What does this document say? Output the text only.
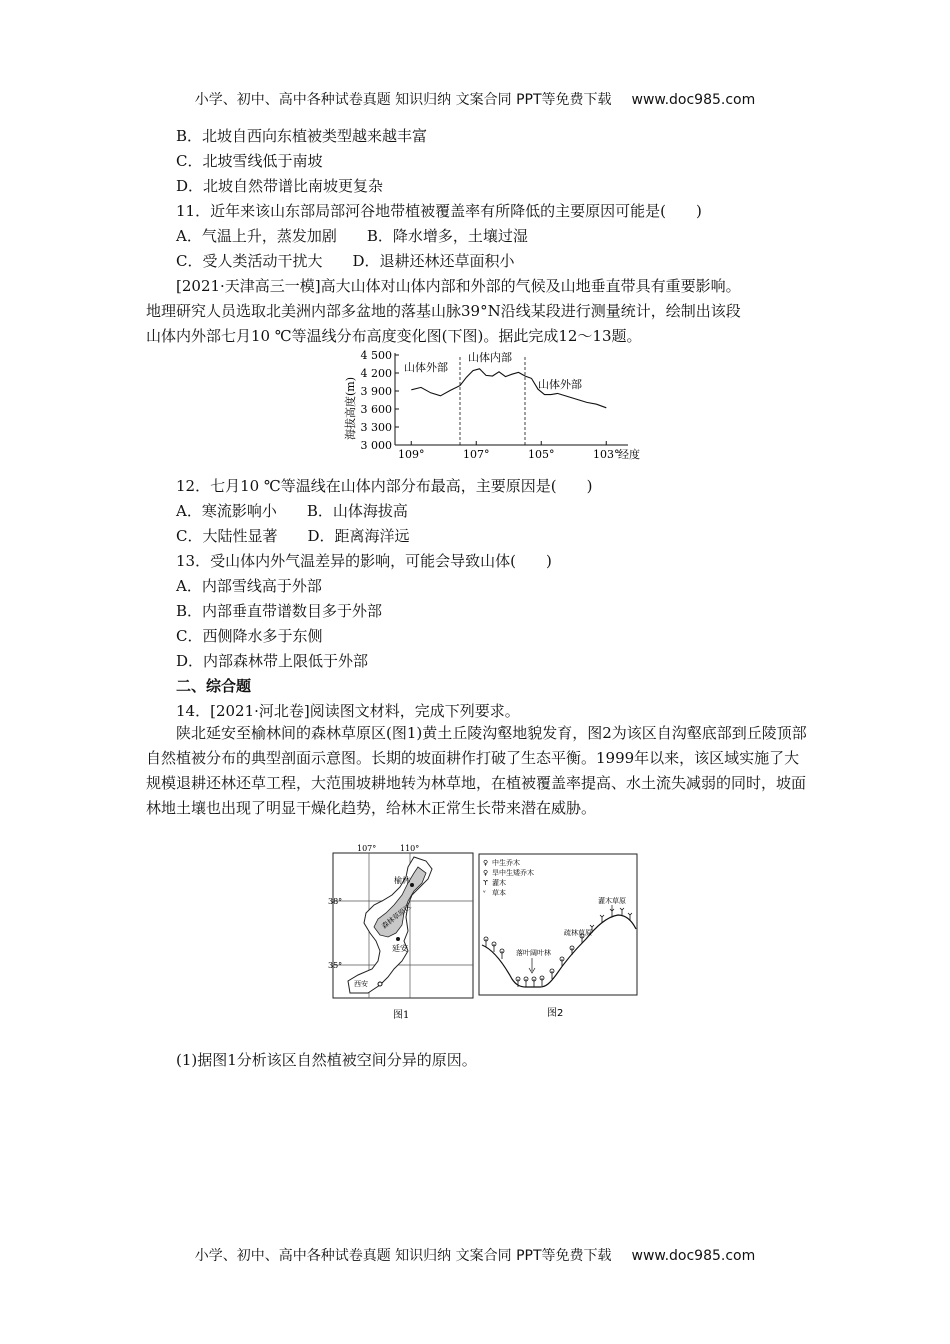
小学、初中、高中各种试卷真题 知识归纳 文案合同 PPT等免费下载 www.doc985.com
小学、初中、高中各种试卷真题 知识归纳 文案合同 PPT等免费下载 www.doc985.com
B．北坡自西向东植被类型越来越丰富
C．北坡雪线低于南坡
D．北坡自然带谱比南坡更复杂
11．近年来该山东部局部河谷地带植被覆盖率有所降低的主要原因可能是(　　)
A．气温上升，蒸发加剧　　B．降水增多，土壤过湿
C．受人类活动干扰大　　D．退耕还林还草面积小
[2021·天津高三一模]高大山体对山体内部和外部的气候及山地垂直带具有重要影响。
地理研究人员选取北美洲内部多盆地的落基山脉39°N沿线某段进行测量统计，绘制出该段
山体内外部七月10 ℃等温线分布高度变化图(下图)。据此完成12～13题。
海拔高度(m)
4 500
4 200
3 900
3 600
3 300
3 000
109°	107°	105°	103°
山体外部
山体内部
山体外部
经度
12．七月10 ℃等温线在山体内部分布最高，主要原因是(　　)
A．寒流影响小　　B．山体海拔高
C．大陆性显著　　D．距离海洋远
13．受山体内外气温差异的影响，可能会导致山体(　　)
A．内部雪线高于外部
B．内部垂直带谱数目多于外部
C．西侧降水多于东侧
D．内部森林带上限低于外部
二、综合题
14．[2021·河北卷]阅读图文材料，完成下列要求。
陕北延安至榆林间的森林草原区(图1)黄土丘陵沟壑地貌发育，图2为该区自沟壑底部到丘陵顶部自然植被分布的典型剖面示意图。长期的坡面耕作打破了生态平衡。1999年以来，该区域实施了大规模退耕还林还草工程，大范围坡耕地转为林草地，在植被覆盖率提高、水土流失减弱的同时，坡面林地土壤也出现了明显干燥化趋势，给林木正常生长带来潜在威胁。
107°	110°
38°
35°
榆林
森林草原区
延安
西安
图1
♀ 中生乔木
♀ 旱中生矮乔木
ϒ 灌木
ᵛ 草本
灌木草原
疏林草原
落叶阔叶林
图2
(1)据图1分析该区自然植被空间分异的原因。
